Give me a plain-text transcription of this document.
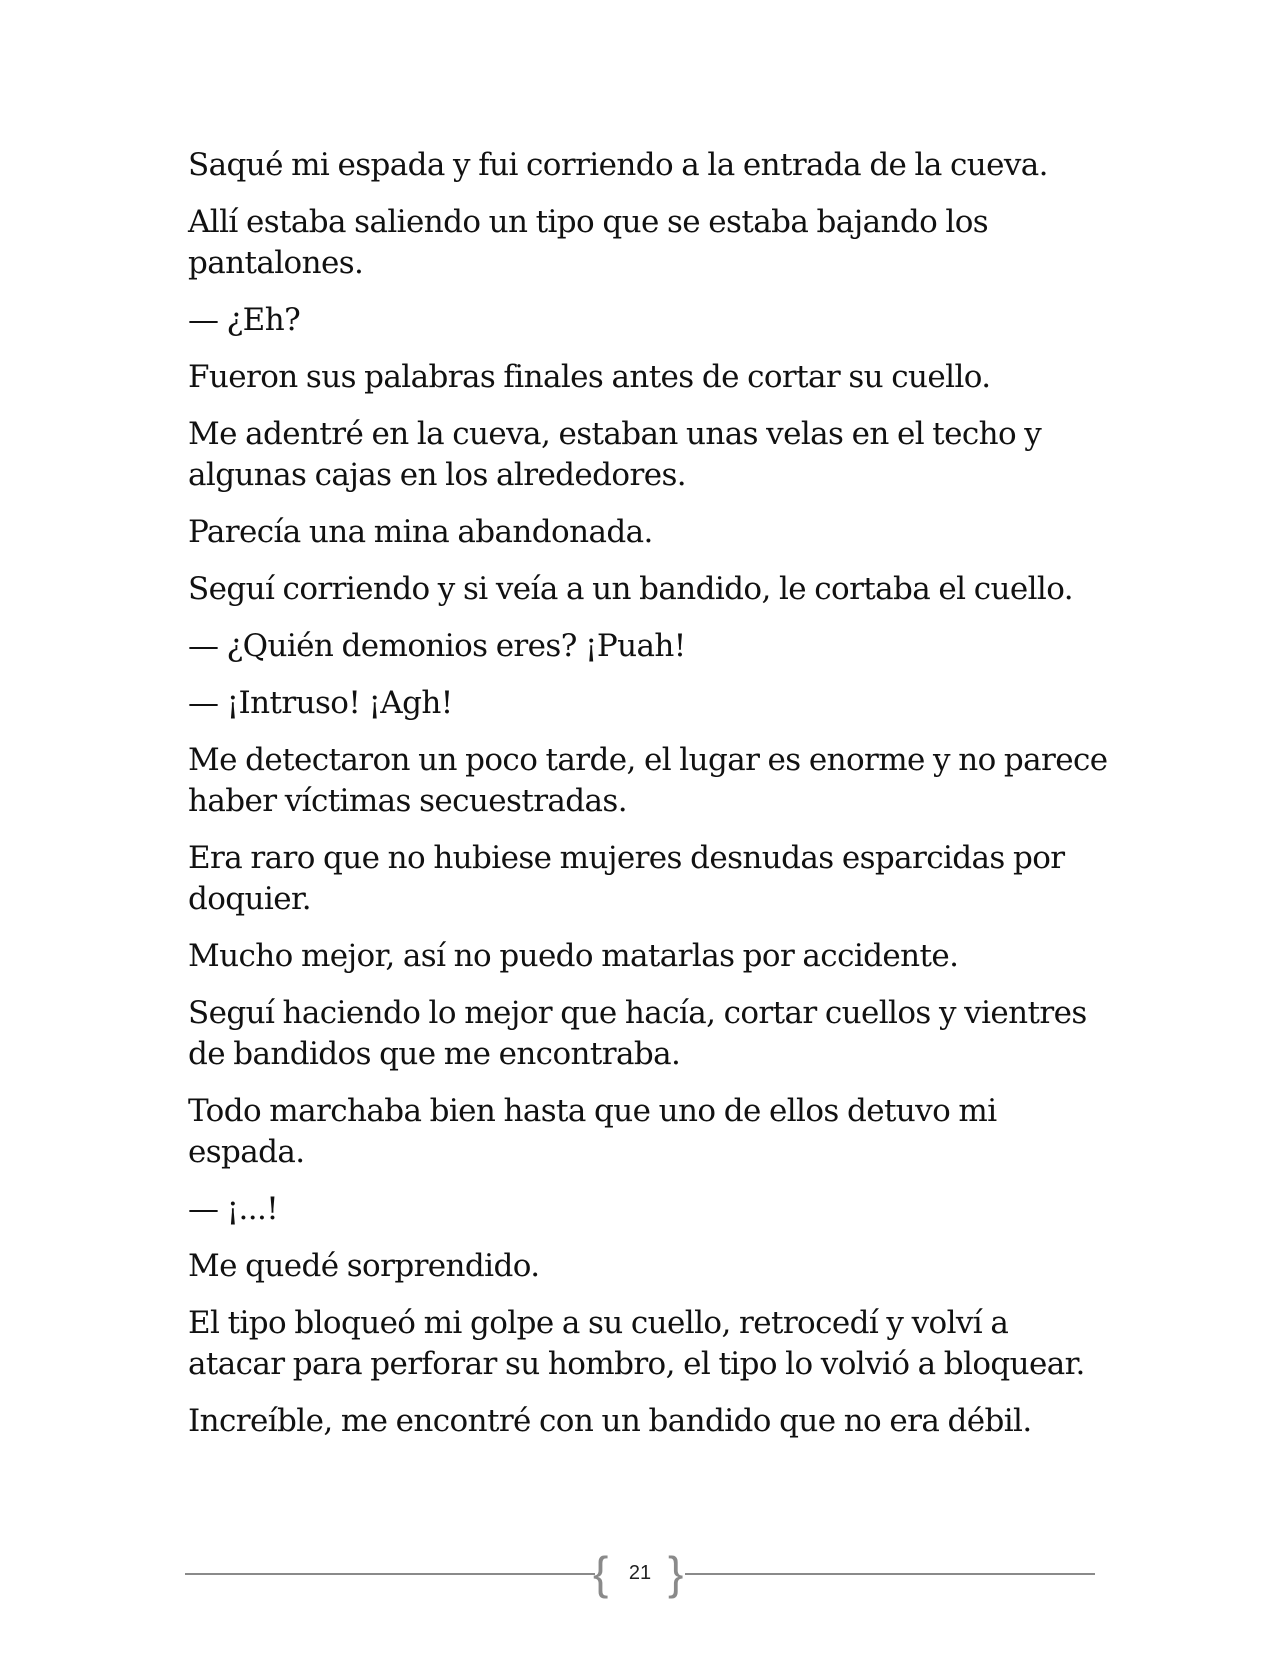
Saqué mi espada y fui corriendo a la entrada de la cueva.

Allí estaba saliendo un tipo que se estaba bajando los pantalones.

— ¿Eh?

Fueron sus palabras finales antes de cortar su cuello.

Me adentré en la cueva, estaban unas velas en el techo y algunas cajas en los alrededores.

Parecía una mina abandonada.

Seguí corriendo y si veía a un bandido, le cortaba el cuello.

— ¿Quién demonios eres? ¡Puah!

— ¡Intruso! ¡Agh!

Me detectaron un poco tarde, el lugar es enorme y no parece haber víctimas secuestradas.

Era raro que no hubiese mujeres desnudas esparcidas por doquier.

Mucho mejor, así no puedo matarlas por accidente.

Seguí haciendo lo mejor que hacía, cortar cuellos y vientres de bandidos que me encontraba.

Todo marchaba bien hasta que uno de ellos detuvo mi espada.

— ¡...!

Me quedé sorprendido.

El tipo bloqueó mi golpe a su cuello, retrocedí y volví a atacar para perforar su hombro, el tipo lo volvió a bloquear.

Increíble, me encontré con un bandido que no era débil.

{	21 }
